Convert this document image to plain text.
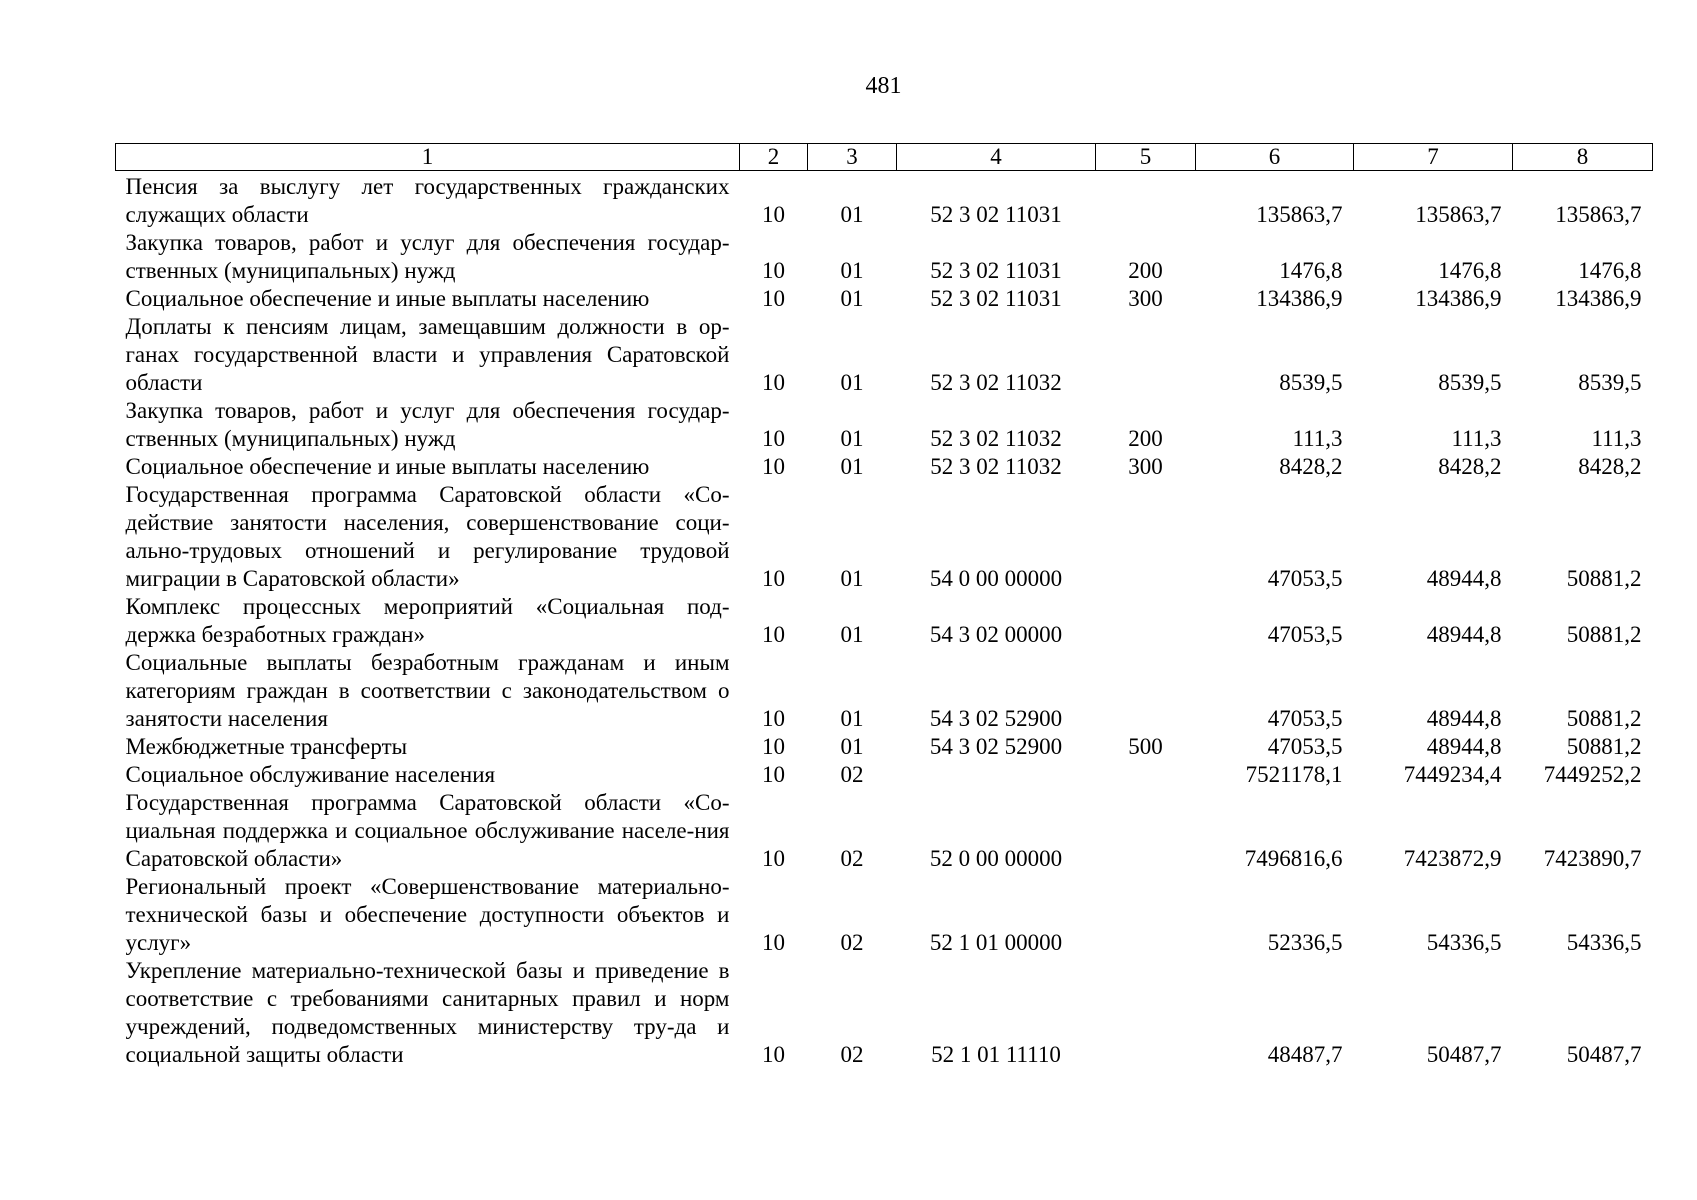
481
1	2	3	4	5	6	7	8
Пенсия за выслугу лет государственных гражданских служащих области	10	01	52 3 02 11031		135863,7	135863,7	135863,7
Закупка товаров, работ и услуг для обеспечения государ-ственных (муниципальных) нужд	10	01	52 3 02 11031	200	1476,8	1476,8	1476,8
Социальное обеспечение и иные выплаты населению	10	01	52 3 02 11031	300	134386,9	134386,9	134386,9
Доплаты к пенсиям лицам, замещавшим должности в ор-ганах государственной власти и управления Саратовской области	10	01	52 3 02 11032		8539,5	8539,5	8539,5
Закупка товаров, работ и услуг для обеспечения государ-ственных (муниципальных) нужд	10	01	52 3 02 11032	200	111,3	111,3	111,3
Социальное обеспечение и иные выплаты населению	10	01	52 3 02 11032	300	8428,2	8428,2	8428,2
Государственная программа Саратовской области «Со-действие занятости населения, совершенствование соци-ально-трудовых отношений и регулирование трудовой миграции в Саратовской области»	10	01	54 0 00 00000		47053,5	48944,8	50881,2
Комплекс процессных мероприятий «Социальная под-держка безработных граждан»	10	01	54 3 02 00000		47053,5	48944,8	50881,2
Социальные выплаты безработным гражданам и иным категориям граждан в соответствии с законодательством о занятости населения	10	01	54 3 02 52900		47053,5	48944,8	50881,2
Межбюджетные трансферты	10	01	54 3 02 52900	500	47053,5	48944,8	50881,2
Социальное обслуживание населения	10	02			7521178,1	7449234,4	7449252,2
Государственная программа Саратовской области «Со-циальная поддержка и социальное обслуживание населе-ния Саратовской области»	10	02	52 0 00 00000		7496816,6	7423872,9	7423890,7
Региональный проект «Совершенствование материально-технической базы и обеспечение доступности объектов и услуг»	10	02	52 1 01 00000		52336,5	54336,5	54336,5
Укрепление материально-технической базы и приведение в соответствие с требованиями санитарных правил и норм учреждений, подведомственных министерству тру-да и социальной защиты области	10	02	52 1 01 11110		48487,7	50487,7	50487,7
